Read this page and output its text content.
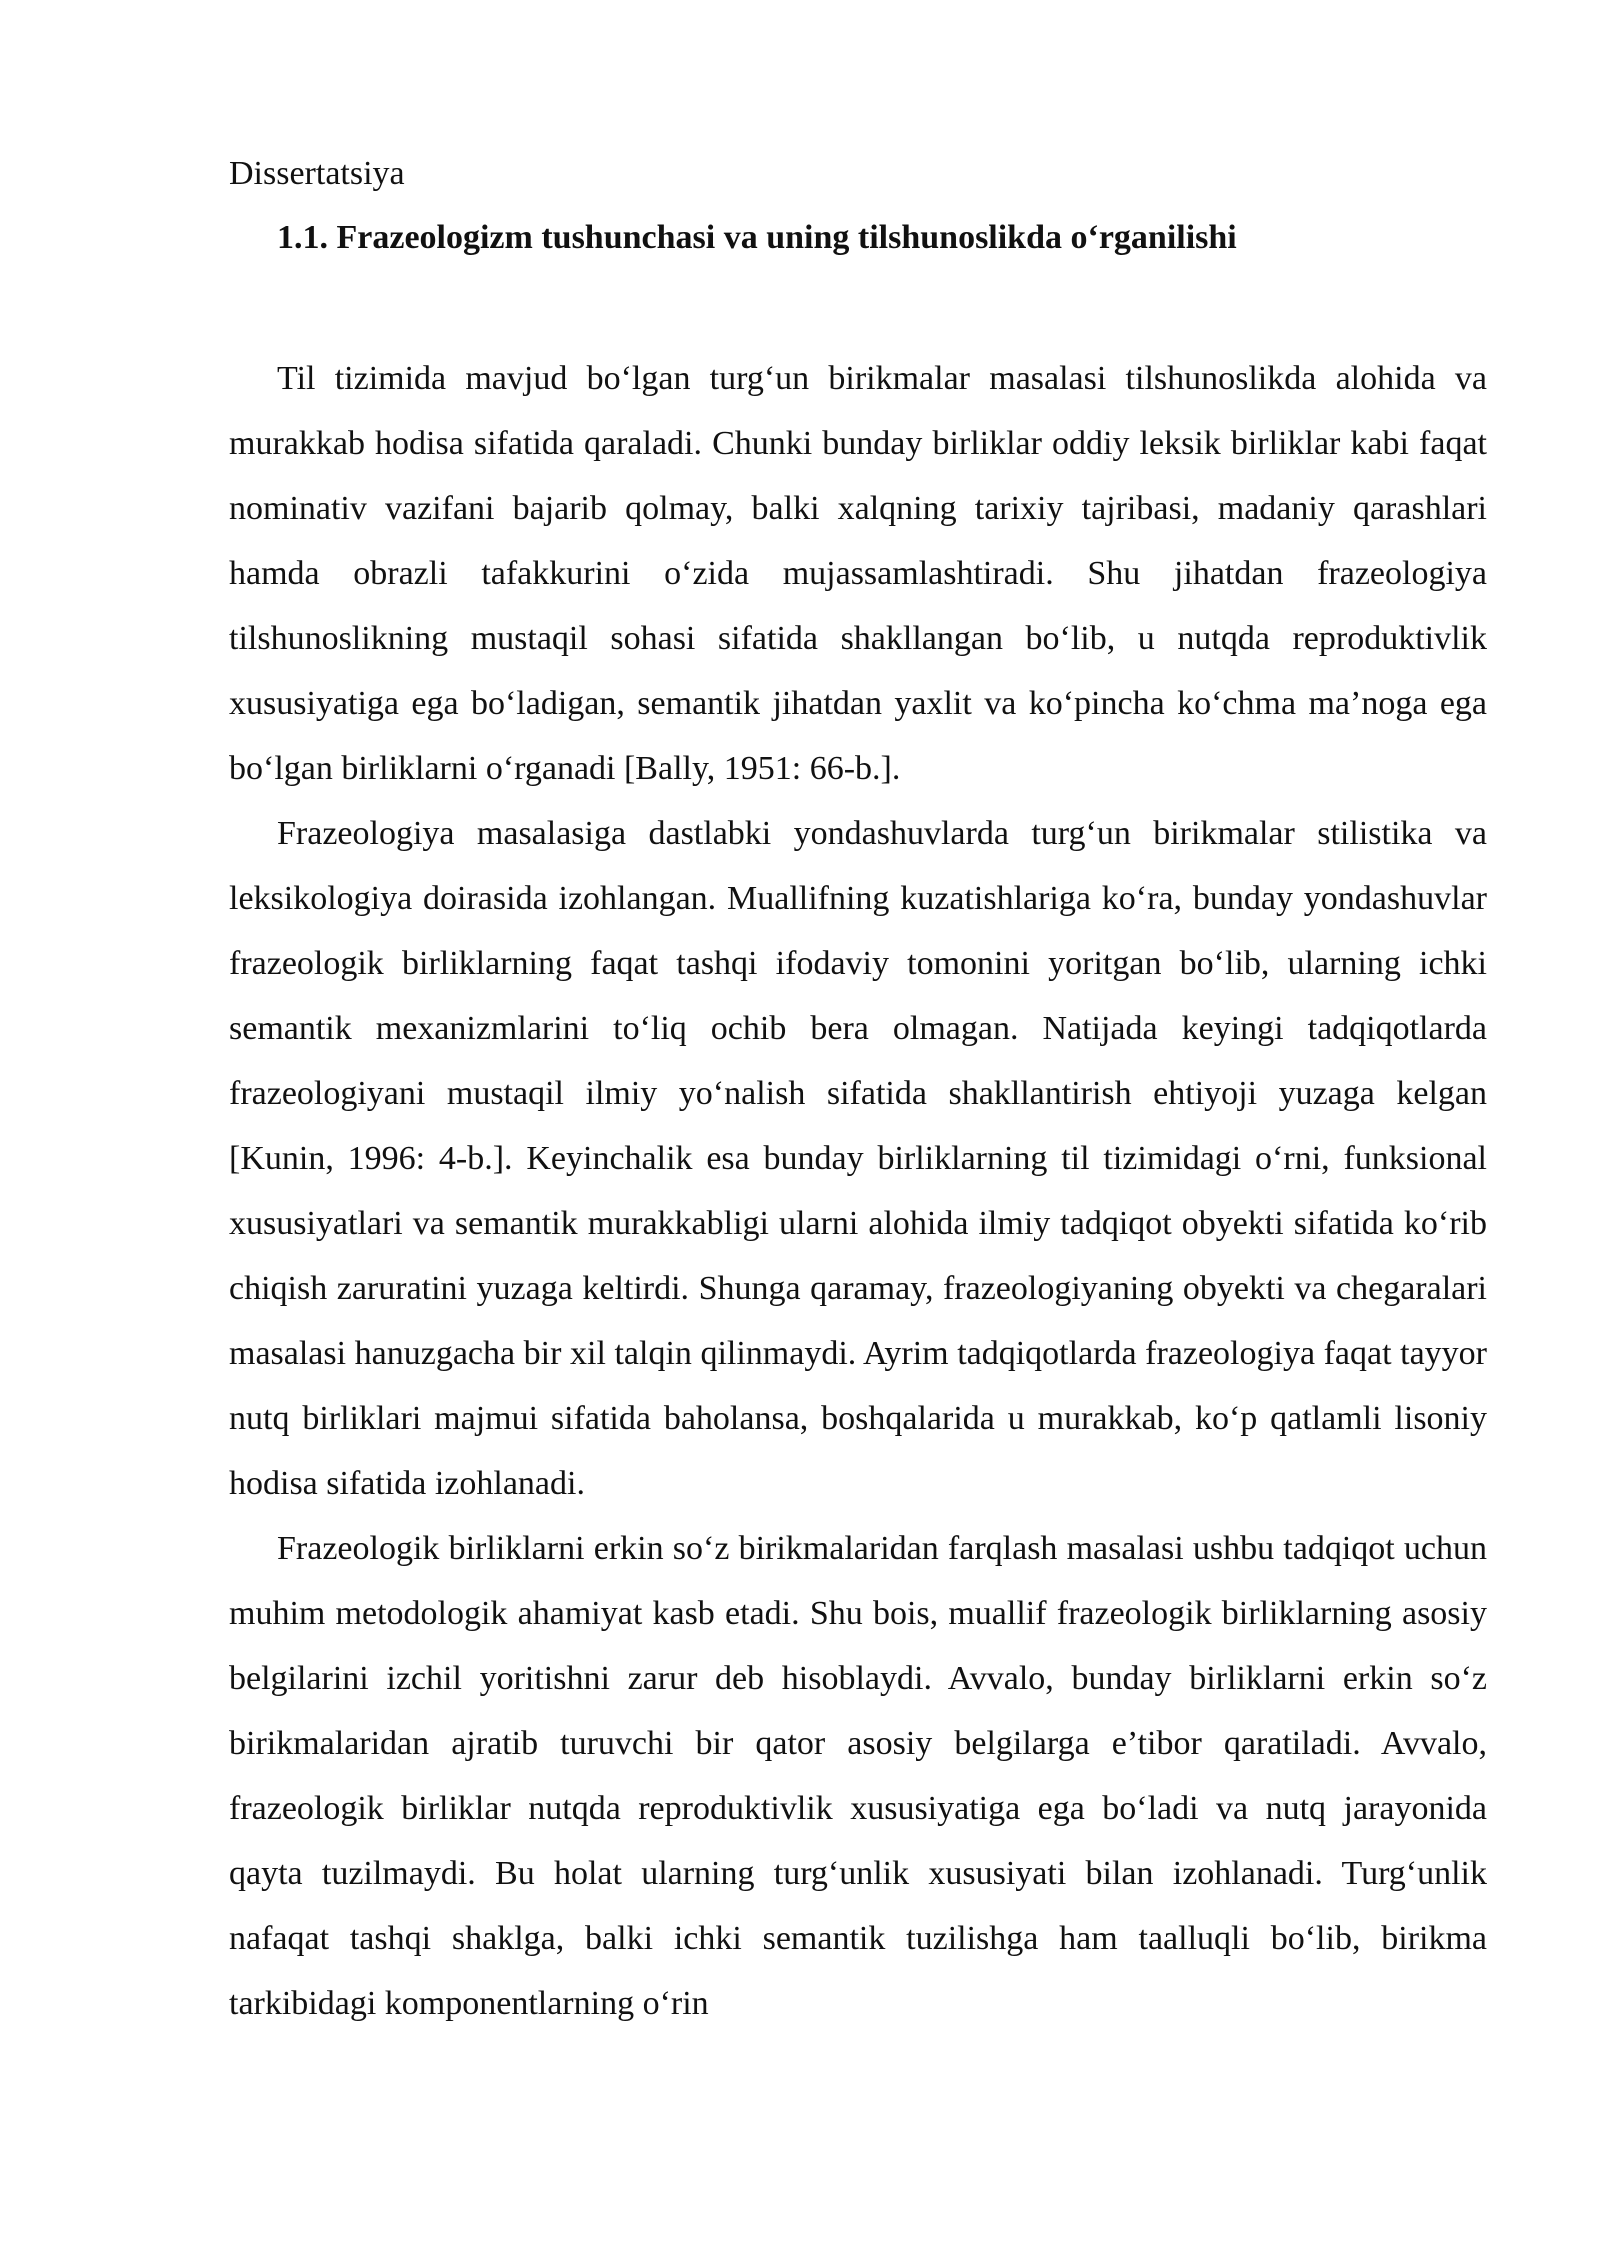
Dissertatsiya

1.1. Frazeologizm tushunchasi va uning tilshunoslikda o‘rganilishi

Til tizimida mavjud bo‘lgan turg‘un birikmalar masalasi tilshunoslikda alohida va murakkab hodisa sifatida qaraladi. Chunki bunday birliklar oddiy leksik birliklar kabi faqat nominativ vazifani bajarib qolmay, balki xalqning tarixiy tajribasi, madaniy qarashlari hamda obrazli tafakkurini o‘zida mujassamlashtiradi. Shu jihatdan frazeologiya tilshunoslikning mustaqil sohasi sifatida shakllangan bo‘lib, u nutqda reproduktivlik xususiyatiga ega bo‘ladigan, semantik jihatdan yaxlit va ko‘pincha ko‘chma ma’noga ega bo‘lgan birliklarni o‘rganadi [Bally, 1951: 66-b.].

Frazeologiya masalasiga dastlabki yondashuvlarda turg‘un birikmalar stilistika va leksikologiya doirasida izohlangan. Muallifning kuzatishlariga ko‘ra, bunday yondashuvlar frazeologik birliklarning faqat tashqi ifodaviy tomonini yoritgan bo‘lib, ularning ichki semantik mexanizmlarini to‘liq ochib bera olmagan. Natijada keyingi tadqiqotlarda frazeologiyani mustaqil ilmiy yo‘nalish sifatida shakllantirish ehtiyoji yuzaga kelgan [Kunin, 1996: 4-b.]. Keyinchalik esa bunday birliklarning til tizimidagi o‘rni, funksional xususiyatlari va semantik murakkabligi ularni alohida ilmiy tadqiqot obyekti sifatida ko‘rib chiqish zaruratini yuzaga keltirdi. Shunga qaramay, frazeologiyaning obyekti va chegaralari masalasi hanuzgacha bir xil talqin qilinmaydi. Ayrim tadqiqotlarda frazeologiya faqat tayyor nutq birliklari majmui sifatida baholansa, boshqalarida u murakkab, ko‘p qatlamli lisoniy hodisa sifatida izohlanadi.

Frazeologik birliklarni erkin so‘z birikmalaridan farqlash masalasi ushbu tadqiqot uchun muhim metodologik ahamiyat kasb etadi. Shu bois, muallif frazeologik birliklarning asosiy belgilarini izchil yoritishni zarur deb hisoblaydi. Avvalo, bunday birliklarni erkin so‘z birikmalaridan ajratib turuvchi bir qator asosiy belgilarga e’tibor qaratiladi. Avvalo, frazeologik birliklar nutqda reproduktivlik xususiyatiga ega bo‘ladi va nutq jarayonida qayta tuzilmaydi. Bu holat ularning turg‘unlik xususiyati bilan izohlanadi. Turg‘unlik nafaqat tashqi shaklga, balki ichki semantik tuzilishga ham taalluqli bo‘lib, birikma tarkibidagi komponentlarning o‘rin
